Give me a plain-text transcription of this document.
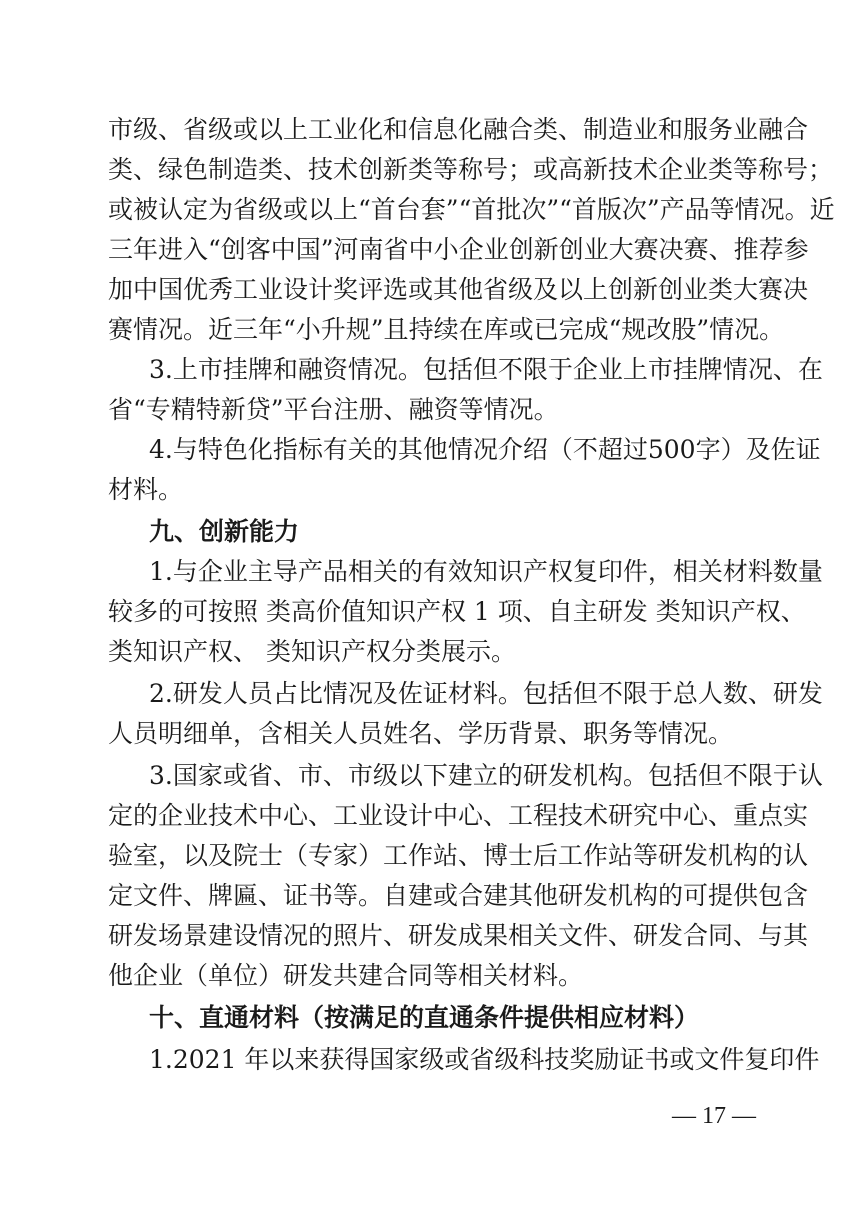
市级、省级或以上工业化和信息化融合类、制造业和服务业融合
类、绿色制造类、技术创新类等称号；或高新技术企业类等称号；
或被认定为省级或以上“首台套”“首批次”“首版次”产品等情况。近
三年进入“创客中国”河南省中小企业创新创业大赛决赛、推荐参
加中国优秀工业设计奖评选或其他省级及以上创新创业类大赛决
赛情况。近三年“小升规”且持续在库或已完成“规改股”情况。
3.上市挂牌和融资情况。包括但不限于企业上市挂牌情况、在
省“专精特新贷”平台注册、融资等情况。
4.与特色化指标有关的其他情况介绍（不超过500字）及佐证
材料。
九、创新能力
1.与企业主导产品相关的有效知识产权复印件，相关材料数量
较多的可按照 类高价值知识产权 1 项、自主研发 类知识产权、
类知识产权、 类知识产权分类展示。
2.研发人员占比情况及佐证材料。包括但不限于总人数、研发
人员明细单，含相关人员姓名、学历背景、职务等情况。
3.国家或省、市、市级以下建立的研发机构。包括但不限于认
定的企业技术中心、工业设计中心、工程技术研究中心、重点实
验室，以及院士（专家）工作站、博士后工作站等研发机构的认
定文件、牌匾、证书等。自建或合建其他研发机构的可提供包含
研发场景建设情况的照片、研发成果相关文件、研发合同、与其
他企业（单位）研发共建合同等相关材料。
十、直通材料（按满足的直通条件提供相应材料）
1.2021 年以来获得国家级或省级科技奖励证书或文件复印件
— 17 —
